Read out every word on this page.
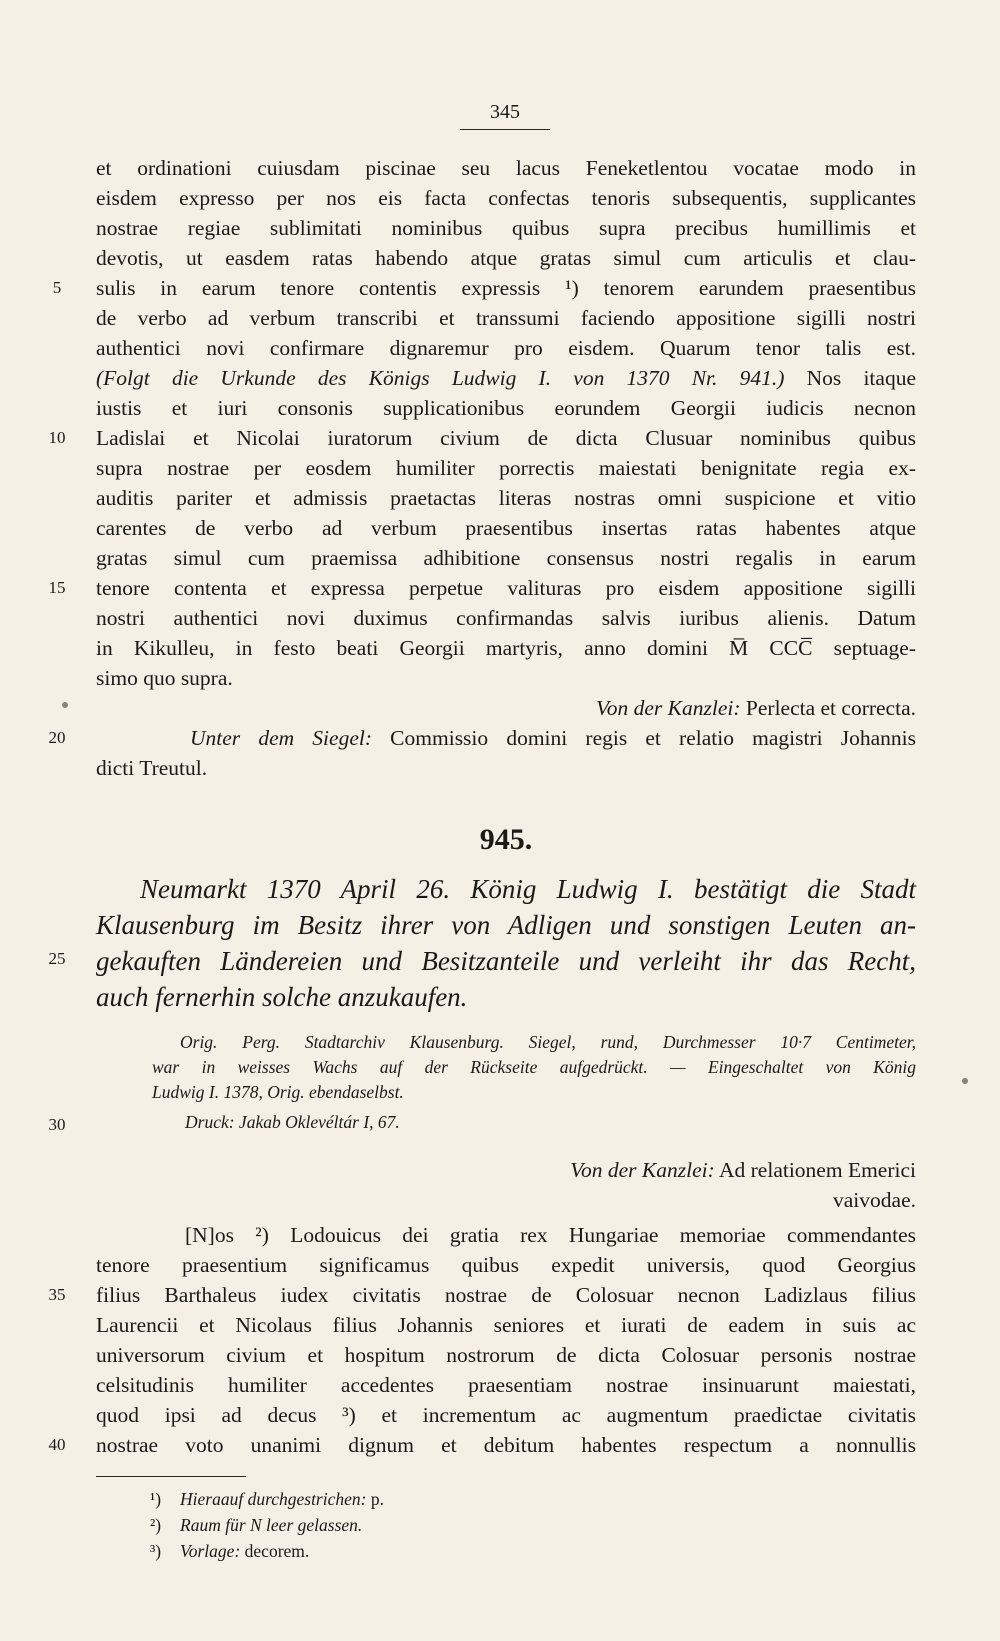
345
et ordinationi cuiusdam piscinae seu lacus Feneketlentou vocatae modo in
eisdem expresso per nos eis facta confectas tenoris subsequentis, supplicantes
nostrae regiae sublimitati nominibus quibus supra precibus humillimis et
devotis, ut easdem ratas habendo atque gratas simul cum articulis et clau-
sulis in earum tenore contentis expressis ¹) tenorem earundem praesentibus
de verbo ad verbum transcribi et transsumi faciendo appositione sigilli nostri
authentici novi confirmare dignaremur pro eisdem. Quarum tenor talis est.
(Folgt die Urkunde des Königs Ludwig I. von 1370 Nr. 941.) Nos itaque
iustis et iuri consonis supplicationibus eorundem Georgii iudicis necnon
Ladislai et Nicolai iuratorum civium de dicta Clusuar nominibus quibus
supra nostrae per eosdem humiliter porrectis maiestati benignitate regia ex-
auditis pariter et admissis praetactas literas nostras omni suspicione et vitio
carentes de verbo ad verbum praesentibus insertas ratas habentes atque
gratas simul cum praemissa adhibitione consensus nostri regalis in earum
tenore contenta et expressa perpetue valituras pro eisdem appositione sigilli
nostri authentici novi duximus confirmandas salvis iuribus alienis. Datum
in Kikulleu, in festo beati Georgii martyris, anno domini M̅ CCC̅ septuage-
simo quo supra.
Von der Kanzlei: Perlecta et correcta.
Unter dem Siegel: Commissio domini regis et relatio magistri Johannis
dicti Treutul.
945.
Neumarkt 1370 April 26. König Ludwig I. bestätigt die Stadt
Klausenburg im Besitz ihrer von Adligen und sonstigen Leuten an-
gekauften Ländereien und Besitzanteile und verleiht ihr das Recht,
auch fernerhin solche anzukaufen.
Orig. Perg. Stadtarchiv Klausenburg. Siegel, rund, Durchmesser 10·7 Centimeter,
war in weisses Wachs auf der Rückseite aufgedrückt. — Eingeschaltet von König
Ludwig I. 1378, Orig. ebendaselbst.
Druck: Jakab Oklevéltár I, 67.
Von der Kanzlei: Ad relationem Emerici
vaivodae.
[N]os ²) Lodouicus dei gratia rex Hungariae memoriae commendantes
tenore praesentium significamus quibus expedit universis, quod Georgius
filius Barthaleus iudex civitatis nostrae de Colosuar necnon Ladizlaus filius
Laurencii et Nicolaus filius Johannis seniores et iurati de eadem in suis ac
universorum civium et hospitum nostrorum de dicta Colosuar personis nostrae
celsitudinis humiliter accedentes praesentiam nostrae insinuarunt maiestati,
quod ipsi ad decus ³) et incrementum ac augmentum praedictae civitatis
nostrae voto unanimi dignum et debitum habentes respectum a nonnullis
5
10
15
20
25
30
35
40
¹) Hieraauf durchgestrichen: p.
²) Raum für N leer gelassen.
³) Vorlage: decorem.
